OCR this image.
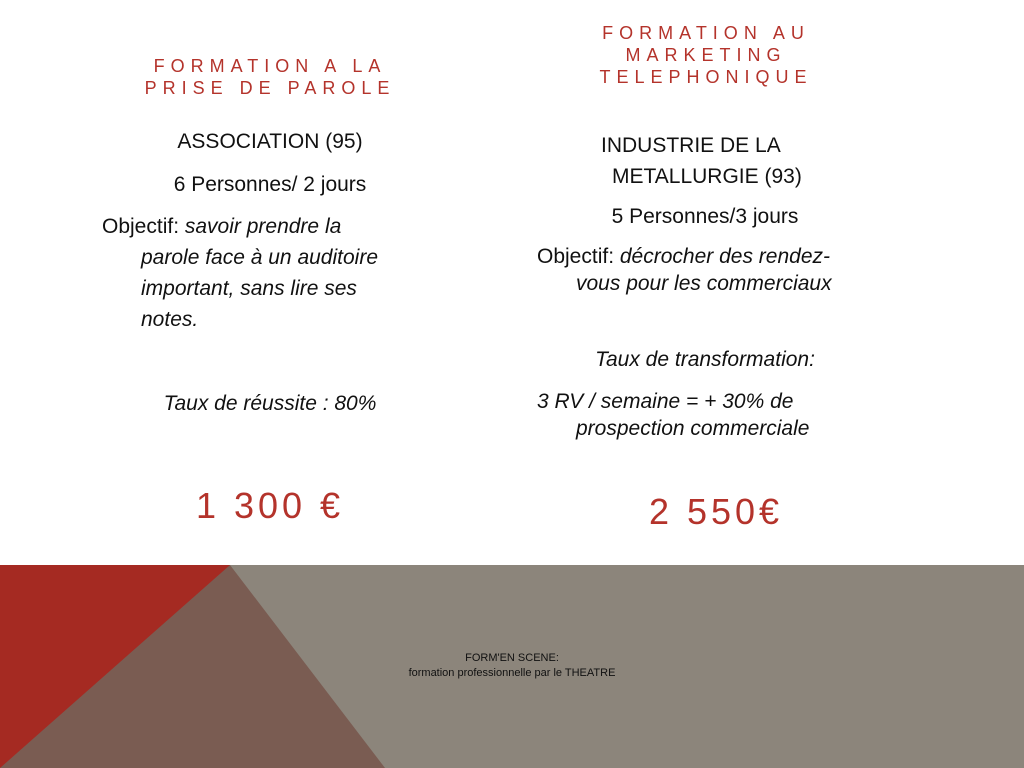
FORMATION A LA
PRISE DE PAROLE
ASSOCIATION (95)
6 Personnes/ 2 jours
Objectif: savoir prendre la
parole face à un auditoire
important, sans lire ses
notes.
Taux de réussite : 80%
1 300 €
FORMATION AU
MARKETING
TELEPHONIQUE
INDUSTRIE DE LA
METALLURGIE (93)
5 Personnes/3 jours
Objectif: décrocher des rendez-
vous pour les commerciaux
Taux de transformation:
3 RV / semaine = + 30% de
prospection commerciale
2 550€
FORM'EN SCENE:
formation professionnelle par le THEATRE
